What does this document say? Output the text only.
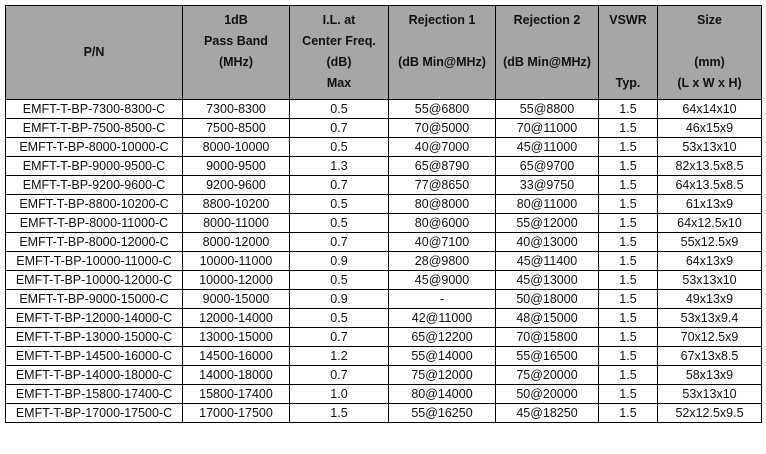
P/N	1dB
Pass Band
(MHz)	I.L. at
Center Freq.
(dB)
Max	Rejection 1
(dB Min@MHz)	Rejection 2
(dB Min@MHz)	VSWR
Typ.	Size
(mm)
(L x W x H)

EMFT-T-BP-7300-8300-C	7300-8300	0.5	55@6800	55@8800	1.5	64x14x10
EMFT-T-BP-7500-8500-C	7500-8500	0.7	70@5000	70@11000	1.5	46x15x9
EMFT-T-BP-8000-10000-C	8000-10000	0.5	40@7000	45@11000	1.5	53x13x10
EMFT-T-BP-9000-9500-C	9000-9500	1.3	65@8790	65@9700	1.5	82x13.5x8.5
EMFT-T-BP-9200-9600-C	9200-9600	0.7	77@8650	33@9750	1.5	64x13.5x8.5
EMFT-T-BP-8800-10200-C	8800-10200	0.5	80@8000	80@11000	1.5	61x13x9
EMFT-T-BP-8000-11000-C	8000-11000	0.5	80@6000	55@12000	1.5	64x12.5x10
EMFT-T-BP-8000-12000-C	8000-12000	0.7	40@7100	40@13000	1.5	55x12.5x9
EMFT-T-BP-10000-11000-C	10000-11000	0.9	28@9800	45@11400	1.5	64x13x9
EMFT-T-BP-10000-12000-C	10000-12000	0.5	45@9000	45@13000	1.5	53x13x10
EMFT-T-BP-9000-15000-C	9000-15000	0.9	-	50@18000	1.5	49x13x9
EMFT-T-BP-12000-14000-C	12000-14000	0.5	42@11000	48@15000	1.5	53x13x9.4
EMFT-T-BP-13000-15000-C	13000-15000	0.7	65@12200	70@15800	1.5	70x12.5x9
EMFT-T-BP-14500-16000-C	14500-16000	1.2	55@14000	55@16500	1.5	67x13x8.5
EMFT-T-BP-14000-18000-C	14000-18000	0.7	75@12000	75@20000	1.5	58x13x9
EMFT-T-BP-15800-17400-C	15800-17400	1.0	80@14000	50@20000	1.5	53x13x10
EMFT-T-BP-17000-17500-C	17000-17500	1.5	55@16250	45@18250	1.5	52x12.5x9.5
